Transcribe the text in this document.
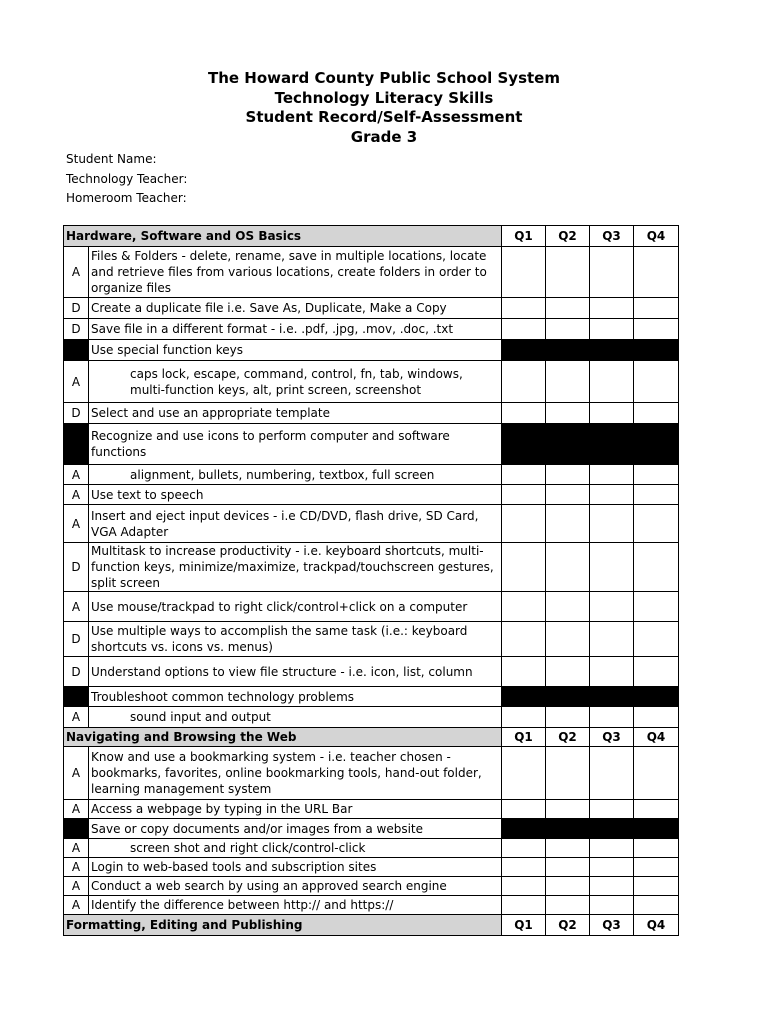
The Howard County Public School System
Technology Literacy Skills
Student Record/Self-Assessment
Grade 3
Student Name:
Technology Teacher:
Homeroom Teacher:
Hardware, Software and OS Basics		Q1	Q2	Q3	Q4
A	Files & Folders - delete, rename, save in multiple locations, locate and retrieve files from various locations, create folders in order to organize files				
D	Create a duplicate file i.e. Save As, Duplicate, Make a Copy				
D	Save file in a different format - i.e. .pdf, .jpg, .mov, .doc, .txt				
	Use special function keys				
A	caps lock, escape, command, control, fn, tab, windows, multi-function keys, alt, print screen, screenshot				
D	Select and use an appropriate template				
	Recognize and use icons to perform computer and software functions				
A	alignment, bullets, numbering, textbox, full screen				
A	Use text to speech				
A	Insert and eject input devices - i.e CD/DVD, flash drive, SD Card, VGA Adapter				
D	Multitask to increase productivity - i.e. keyboard shortcuts, multi-function keys, minimize/maximize, trackpad/touchscreen gestures, split screen				
A	Use mouse/trackpad to right click/control+click on a computer				
D	Use multiple ways to accomplish the same task (i.e.: keyboard shortcuts vs. icons vs. menus)				
D	Understand options to view file structure - i.e. icon, list, column				
	Troubleshoot common technology problems				
A	sound input and output				
Navigating and Browsing the Web		Q1	Q2	Q3	Q4
A	Know and use a bookmarking system - i.e. teacher chosen - bookmarks, favorites, online bookmarking tools, hand-out folder, learning management system				
A	Access a webpage by typing in the URL Bar				
	Save or copy documents and/or images from a website				
A	screen shot and right click/control-click				
A	Login to web-based tools and subscription sites				
A	Conduct a web search by using an approved search engine				
A	Identify the difference between http:// and https://				
Formatting, Editing and Publishing		Q1	Q2	Q3	Q4
